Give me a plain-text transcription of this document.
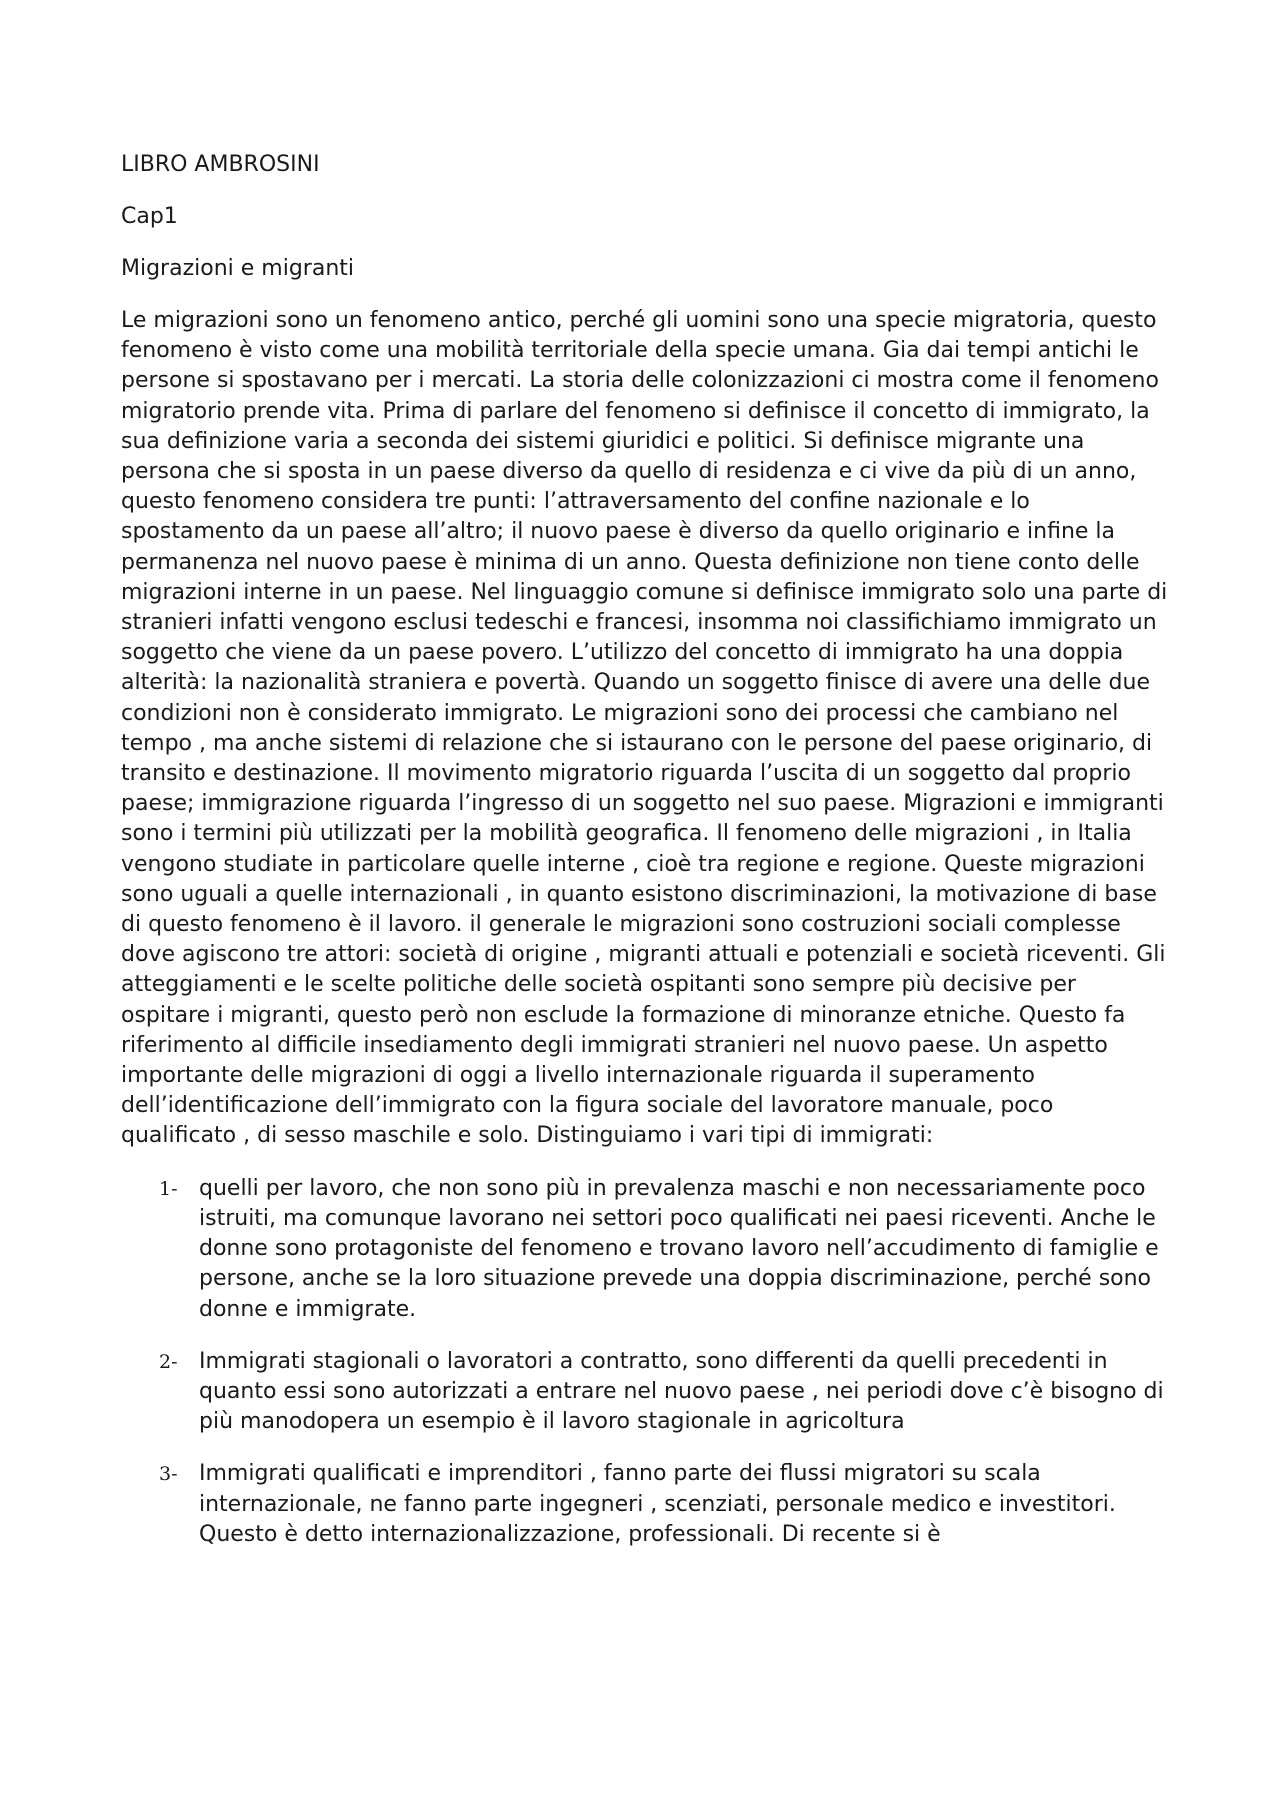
LIBRO AMBROSINI
Cap1
Migrazioni e migranti

Le migrazioni sono un fenomeno antico, perché gli uomini sono una specie migratoria, questo fenomeno è visto come una mobilità territoriale della specie umana. Gia dai tempi antichi le persone si spostavano per i mercati. La storia delle colonizzazioni ci mostra come il fenomeno migratorio prende vita. Prima di parlare del fenomeno si definisce il concetto di immigrato, la sua definizione varia a seconda dei sistemi giuridici e politici. Si definisce migrante una persona che si sposta in un paese diverso da quello di residenza e ci vive da più di un anno, questo fenomeno considera tre punti: l’attraversamento del confine nazionale e lo spostamento da un paese all’altro; il nuovo paese è diverso da quello originario e infine la permanenza nel nuovo paese è minima di un anno. Questa definizione non tiene conto delle migrazioni interne in un paese. Nel linguaggio comune si definisce immigrato solo una parte di stranieri infatti vengono esclusi tedeschi e francesi, insomma noi classifichiamo immigrato un soggetto che viene da un paese povero. L’utilizzo del concetto di immigrato ha una doppia alterità: la nazionalità straniera e povertà. Quando un soggetto finisce di avere una delle due condizioni non è considerato immigrato. Le migrazioni sono dei processi che cambiano nel tempo , ma anche sistemi di relazione che si istaurano con le persone del paese originario, di transito e destinazione. Il movimento migratorio riguarda l’uscita di un soggetto dal proprio paese; immigrazione riguarda l’ingresso di un soggetto nel suo paese. Migrazioni e immigranti sono i termini più utilizzati per la mobilità geografica. Il fenomeno delle migrazioni , in Italia vengono studiate in particolare quelle interne , cioè tra regione e regione. Queste migrazioni sono uguali a quelle internazionali , in quanto esistono discriminazioni, la motivazione di base di questo fenomeno è il lavoro. il generale le migrazioni sono costruzioni sociali complesse dove agiscono tre attori: società di origine , migranti attuali e potenziali e società riceventi. Gli atteggiamenti e le scelte politiche delle società ospitanti sono sempre più decisive per ospitare i migranti, questo però non esclude la formazione di minoranze etniche. Questo fa riferimento al difficile insediamento degli immigrati stranieri nel nuovo paese. Un aspetto importante delle migrazioni di oggi a livello internazionale riguarda il superamento dell’identificazione dell’immigrato con la figura sociale del lavoratore manuale, poco qualificato , di sesso maschile e solo. Distinguiamo i vari tipi di immigrati:

1- quelli per lavoro, che non sono più in prevalenza maschi e non necessariamente poco istruiti, ma comunque lavorano nei settori poco qualificati nei paesi riceventi. Anche le donne sono protagoniste del fenomeno e trovano lavoro nell’accudimento di famiglie e persone, anche se la loro situazione prevede una doppia discriminazione, perché sono donne e immigrate.
2- Immigrati stagionali o lavoratori a contratto, sono differenti da quelli precedenti in quanto essi sono autorizzati a entrare nel nuovo paese , nei periodi dove c’è bisogno di più manodopera un esempio è il lavoro stagionale in agricoltura
3- Immigrati qualificati e imprenditori , fanno parte dei flussi migratori su scala internazionale, ne fanno parte ingegneri , scenziati, personale medico e investitori. Questo è detto internazionalizzazione, professionali. Di recente si è
